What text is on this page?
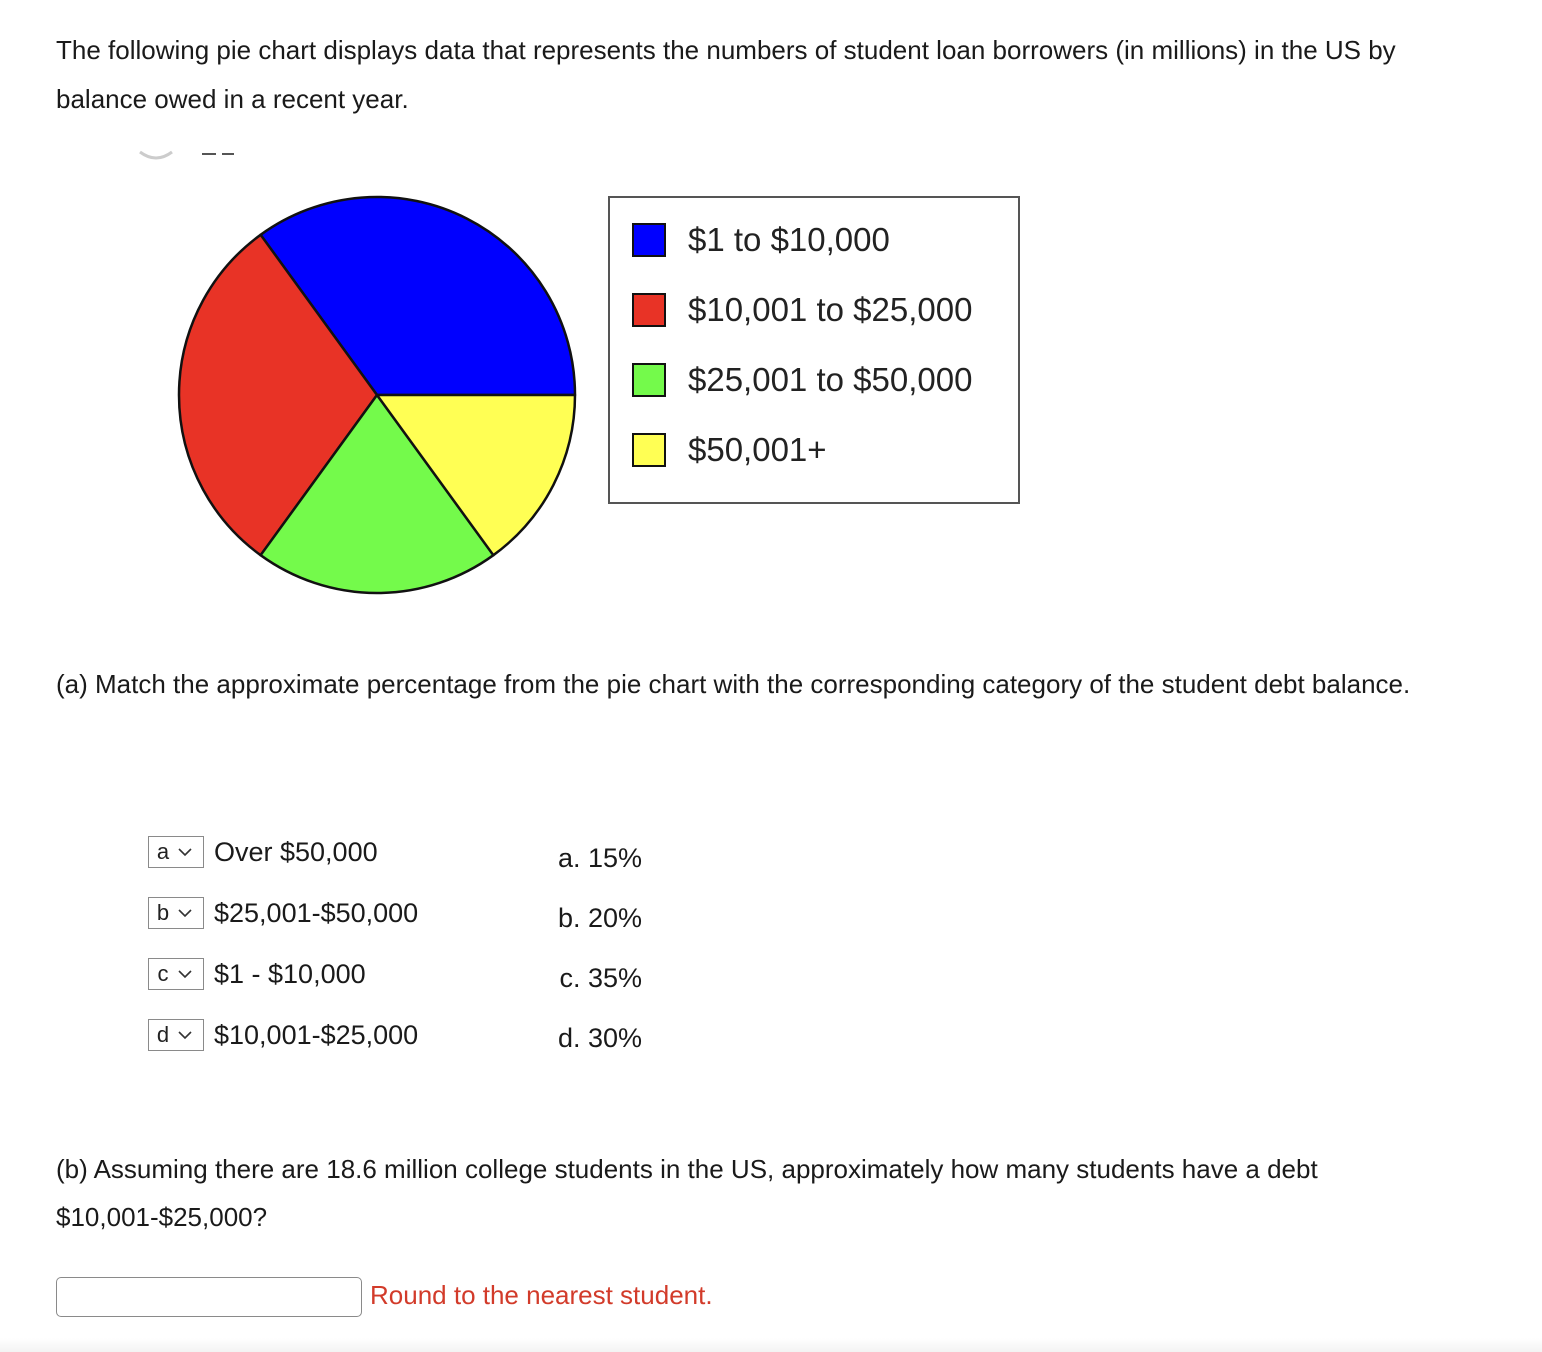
The following pie chart displays data that represents the numbers of student loan borrowers (in millions) in the US by balance owed in a recent year.

$1 to $10,000
$10,001 to $25,000
$25,001 to $50,000
$50,001+

(a) Match the approximate percentage from the pie chart with the corresponding category of the student debt balance.

a Over $50,000
b $25,001-$50,000
c $1 - $10,000
d $10,001-$25,000
a. 15%
b. 20%
c. 35%
d. 30%

(b) Assuming there are 18.6 million college students in the US, approximately how many students have a debt $10,001-$25,000?

Round to the nearest student.
